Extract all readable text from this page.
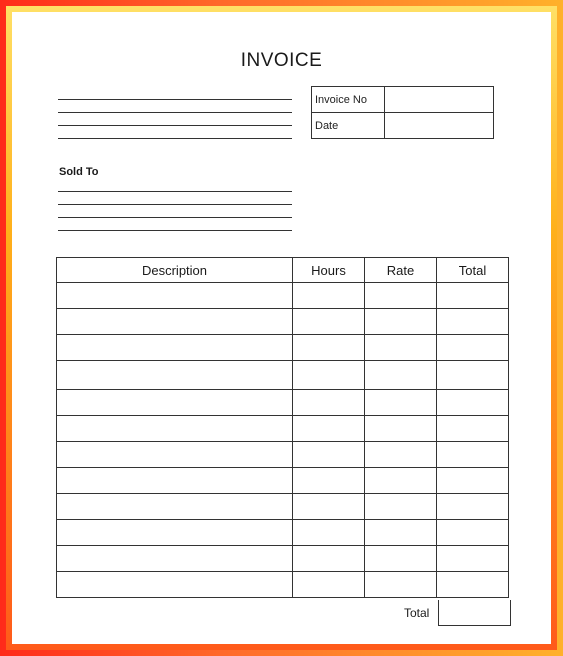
INVOICE
Invoice No	
Date	
Sold To
Description	Hours	Rate	Total

Total
